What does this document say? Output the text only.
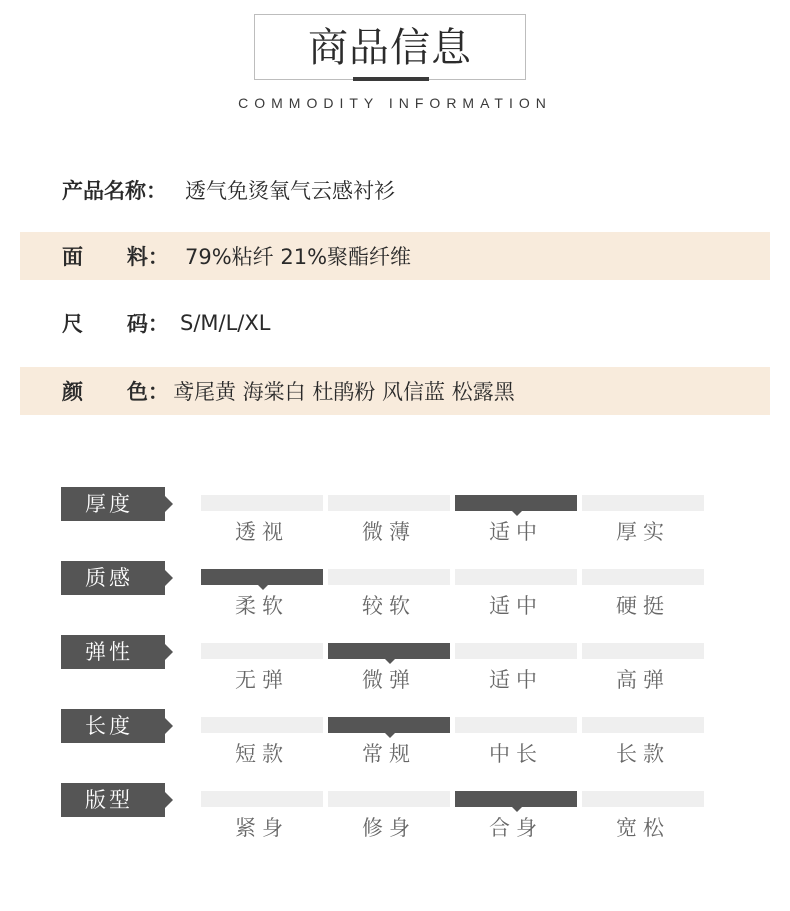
商品信息
COMMODITY INFORMATION
产品名称： 透气免烫氧气云感衬衫
面      料： 79%粘纤 21%聚酯纤维
尺      码： S/M/L/XL
颜      色： 鸢尾黄 海棠白 杜鹃粉 风信蓝 松露黑
厚度
透视	微薄	适中	厚实
质感
柔软	较软	适中	硬挺
弹性
无弹	微弹	适中	高弹
长度
短款	常规	中长	长款
版型
紧身	修身	合身	宽松
